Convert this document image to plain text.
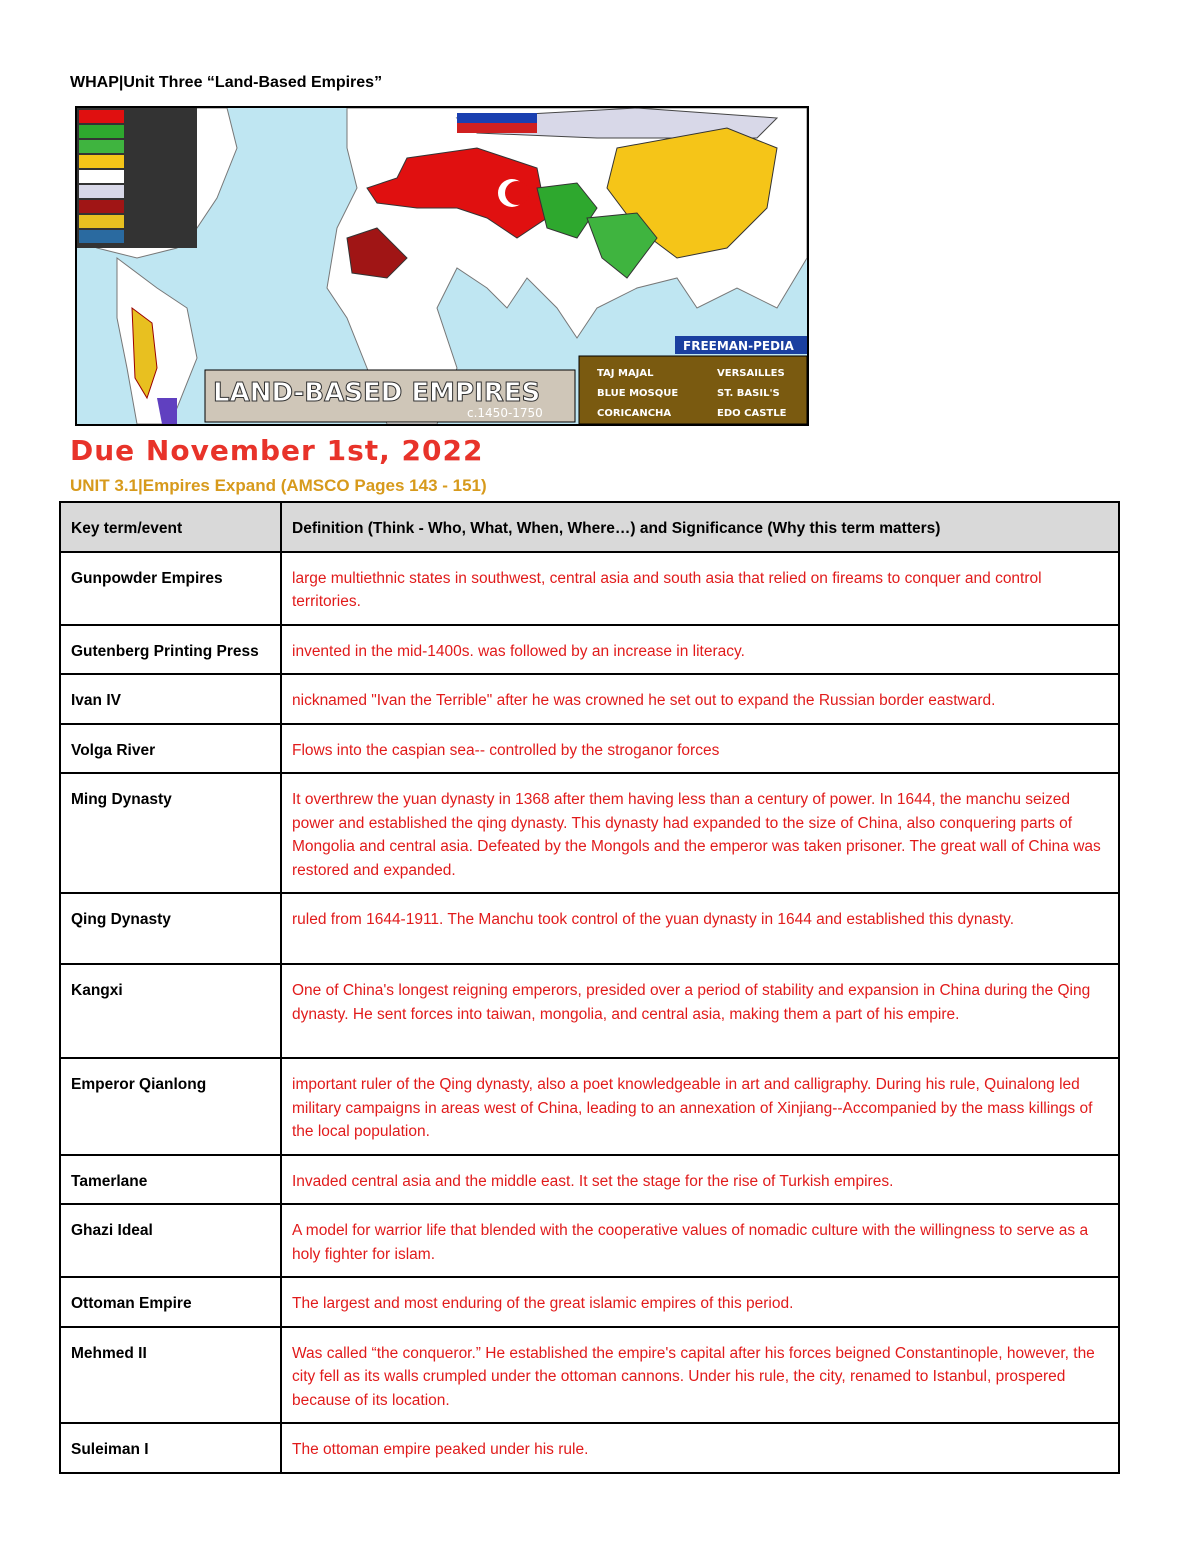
WHAP|Unit Three “Land-Based Empires”
LAND-BASED EMPIRES
c.1450-1750
FREEMAN-PEDIA
TAJ MAJAL	VERSAILLES
BLUE MOSQUE	ST. BASIL'S
CORICANCHA	EDO CASTLE
Due November 1st, 2022
UNIT 3.1|Empires Expand (AMSCO Pages 143 - 151)
Key term/event	Definition (Think - Who, What, When, Where…) and Significance (Why this term matters)
Gunpowder Empires	large multiethnic states in southwest, central asia and south asia that relied on fireams to conquer and control territories.
Gutenberg Printing Press	invented in the mid-1400s. was followed by an increase in literacy.
Ivan IV	nicknamed "Ivan the Terrible" after he was crowned he set out to expand the Russian border eastward.
Volga River	Flows into the caspian sea-- controlled by the stroganor forces
Ming Dynasty	It overthrew the yuan dynasty in 1368 after them having less than a century of power. In 1644, the manchu seized power and established the qing dynasty. This dynasty had expanded to the size of China, also conquering parts of Mongolia and central asia. Defeated by the Mongols and the emperor was taken prisoner. The great wall of China was restored and expanded.
Qing Dynasty	ruled from 1644-1911. The Manchu took control of the yuan dynasty in 1644 and established this dynasty.
Kangxi	One of China's longest reigning emperors, presided over a period of stability and expansion in China during the Qing dynasty. He sent forces into taiwan, mongolia, and central asia, making them a part of his empire.
Emperor Qianlong	important ruler of the Qing dynasty, also a poet knowledgeable in art and calligraphy. During his rule, Quinalong led military campaigns in areas west of China, leading to an annexation of Xinjiang--Accompanied by the mass killings of the local population.
Tamerlane	Invaded central asia and the middle east. It set the stage for the rise of Turkish empires.
Ghazi Ideal	A model for warrior life that blended with the cooperative values of nomadic culture with the willingness to serve as a holy fighter for islam.
Ottoman Empire	The largest and most enduring of the great islamic empires of this period.
Mehmed II	Was called “the conqueror.” He established the empire's capital after his forces beigned Constantinople, however, the city fell as its walls crumpled under the ottoman cannons. Under his rule, the city, renamed to Istanbul, prospered because of its location.
Suleiman I	The ottoman empire peaked under his rule.
